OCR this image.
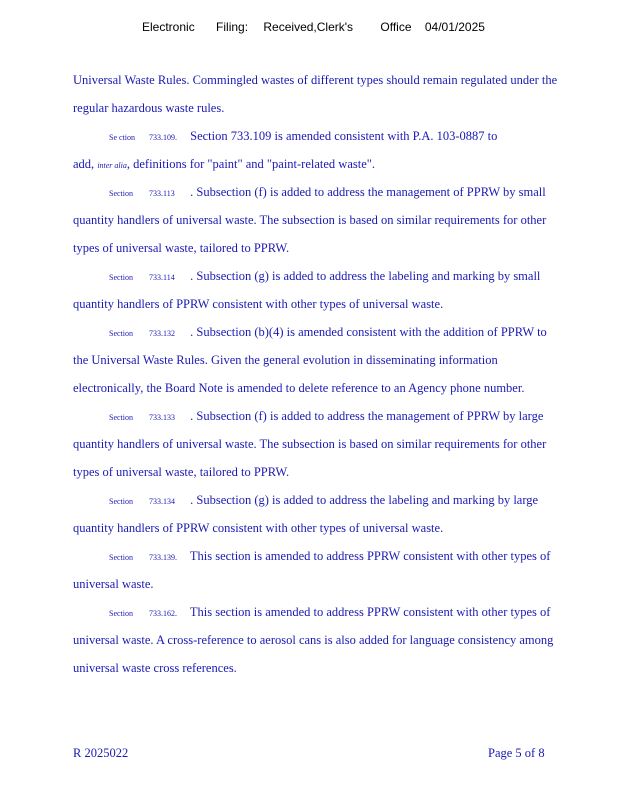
Electronic Filing: Received,Clerk's Office 04/01/2025
Universal Waste Rules. Commingled wastes of different types should remain regulated under the
regular hazardous waste rules.
Se ction 733.109. Section 733.109 is amended consistent with P.A. 103-0887 to
add, inter alia, definitions for "paint" and "paint-related waste".
Section 733.113 . Subsection (f) is added to address the management of PPRW by small
quantity handlers of universal waste. The subsection is based on similar requirements for other
types of universal waste, tailored to PPRW.
Section 733.114 . Subsection (g) is added to address the labeling and marking by small
quantity handlers of PPRW consistent with other types of universal waste.
Section 733.132 . Subsection (b)(4) is amended consistent with the addition of PPRW to
the Universal Waste Rules. Given the general evolution in disseminating information
electronically, the Board Note is amended to delete reference to an Agency phone number.
Section 733.133 . Subsection (f) is added to address the management of PPRW by large
quantity handlers of universal waste. The subsection is based on similar requirements for other
types of universal waste, tailored to PPRW.
Section 733.134 . Subsection (g) is added to address the labeling and marking by large
quantity handlers of PPRW consistent with other types of universal waste.
Section 733.139. This section is amended to address PPRW consistent with other types of
universal waste.
Section 733.162. This section is amended to address PPRW consistent with other types of
universal waste. A cross-reference to aerosol cans is also added for language consistency among
universal waste cross references.
R 2025022	Page 5 of 8
